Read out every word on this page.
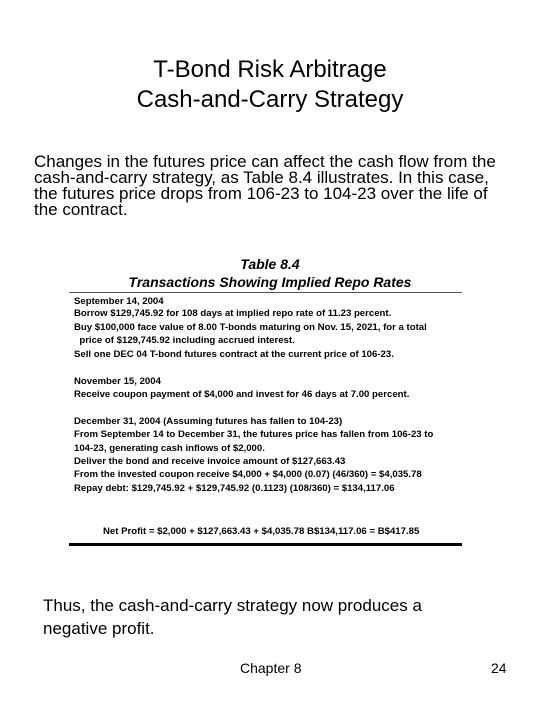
T-Bond Risk Arbitrage
Cash-and-Carry Strategy
Changes in the futures price can affect the cash flow from the cash-and-carry strategy, as Table 8.4 illustrates. In this case, the futures price drops from 106-23 to 104-23 over the life of the contract.
Table 8.4
Transactions Showing Implied Repo Rates
September 14, 2004
Borrow $129,745.92 for 108 days at implied repo rate of 11.23 percent.
Buy $100,000 face value of 8.00 T-bonds maturing on Nov. 15, 2021, for a total
price of $129,745.92 including accrued interest.
Sell one DEC 04 T-bond futures contract at the current price of 106-23.
November 15, 2004
Receive coupon payment of $4,000 and invest for 46 days at 7.00 percent.
December 31, 2004 (Assuming futures has fallen to 104-23)
From September 14 to December 31, the futures price has fallen from 106-23 to
104-23, generating cash inflows of $2,000.
Deliver the bond and receive invoice amount of $127,663.43
From the invested coupon receive $4,000 + $4,000 (0.07) (46/360) = $4,035.78
Repay debt: $129,745.92 + $129,745.92 (0.1123) (108/360) = $134,117.06
Net Profit = $2,000 + $127,663.43 + $4,035.78 B$134,117.06 = B$417.85
Thus, the cash-and-carry strategy now produces a negative profit.
Chapter 8	24
